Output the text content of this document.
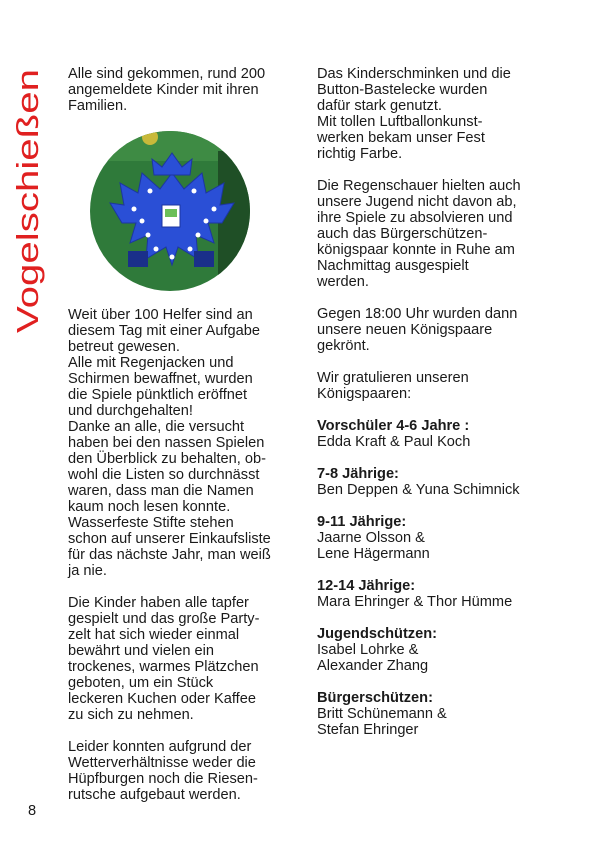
Vogelschießen

Alle sind gekommen, rund 200
angemeldete Kinder mit ihren
Familien.

Weit über 100 Helfer sind an
diesem Tag mit einer Aufgabe
betreut gewesen.
Alle mit Regenjacken und
Schirmen bewaffnet, wurden
die Spiele pünktlich eröffnet
und durchgehalten!
Danke an alle, die versucht
haben bei den nassen Spielen
den Überblick zu behalten, ob-
wohl die Listen so durchnässt
waren, dass man die Namen
kaum noch lesen konnte.
Wasserfeste Stifte stehen
schon auf unserer Einkaufsliste
für das nächste Jahr, man weiß
ja nie.

Die Kinder haben alle tapfer
gespielt und das große Party-
zelt hat sich wieder einmal
bewährt und vielen ein
trockenes, warmes Plätzchen
geboten, um ein Stück
leckeren Kuchen oder Kaffee
zu sich zu nehmen.

Leider konnten aufgrund der
Wetterverhältnisse weder die
Hüpfburgen noch die Riesen-
rutsche aufgebaut werden.

Das Kinderschminken und die
Button-Bastelecke wurden
dafür stark genutzt.
Mit tollen Luftballonkunst-
werken bekam unser Fest
richtig Farbe.

Die Regenschauer hielten auch
unsere Jugend nicht davon ab,
ihre Spiele zu absolvieren und
auch das Bürgerschützen-
königspaar konnte in Ruhe am
Nachmittag ausgespielt
werden.

Gegen 18:00 Uhr wurden dann
unsere neuen Königspaare
gekrönt.

Wir gratulieren unseren
Königspaaren:

Vorschüler 4-6 Jahre :

Edda Kraft & Paul Koch

7-8 Jährige:

Ben Deppen & Yuna Schimnick

9-11 Jährige:

Jaarne Olsson &
Lene Hägermann

12-14 Jährige:

Mara Ehringer & Thor Hümme

Jugendschützen:

Isabel Lohrke &
Alexander Zhang

Bürgerschützen:

Britt Schünemann &
Stefan Ehringer

8
